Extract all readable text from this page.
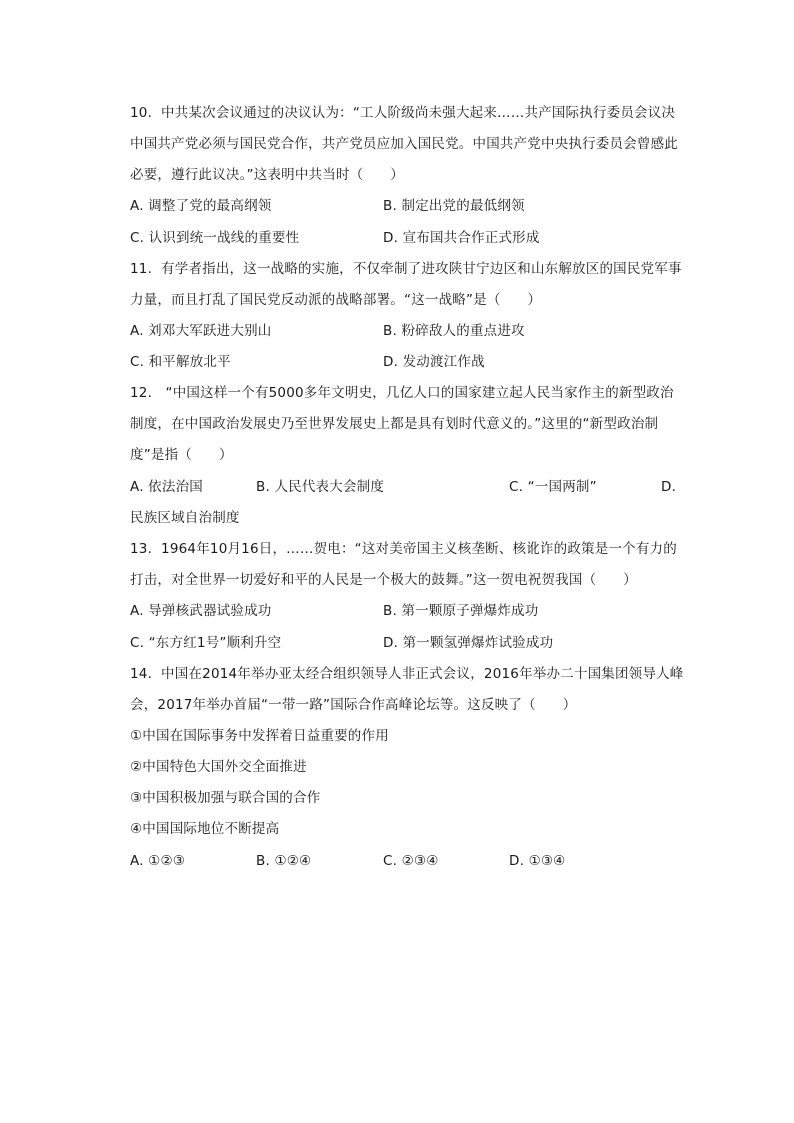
10.  中共某次会议通过的决议认为：“工人阶级尚未强大起来……共产国际执行委员会议决
中国共产党必须与国民党合作，共产党员应加入国民党。中国共产党中央执行委员会曾感此
必要，遵行此议决。”这表明中共当时（      ）
A. 调整了党的最高纲领	B. 制定出党的最低纲领
C. 认识到统一战线的重要性	D. 宣布国共合作正式形成
11.  有学者指出，这一战略的实施，不仅牵制了进攻陕甘宁边区和山东解放区的国民党军事
力量，而且打乱了国民党反动派的战略部署。“这一战略”是（      ）
A. 刘邓大军跃进大别山	B. 粉碎敌人的重点进攻
C. 和平解放北平	D. 发动渡江作战
12.   “中国这样一个有5000多年文明史，几亿人口的国家建立起人民当家作主的新型政治
制度，在中国政治发展史乃至世界发展史上都是具有划时代意义的。”这里的“新型政治制
度”是指（      ）
A. 依法治国	B. 人民代表大会制度	C. “一国两制”	D.
民族区域自治制度
13.  1964年10月16日，……贺电：“这对美帝国主义核垄断、核讹诈的政策是一个有力的
打击，对全世界一切爱好和平的人民是一个极大的鼓舞。”这一贺电祝贺我国（      ）
A. 导弹核武器试验成功	B. 第一颗原子弹爆炸成功
C. “东方红1号”顺利升空	D. 第一颗氢弹爆炸试验成功
14.  中国在2014年举办亚太经合组织领导人非正式会议，2016年举办二十国集团领导人峰
会，2017年举办首届“一带一路”国际合作高峰论坛等。这反映了（      ）
①中国在国际事务中发挥着日益重要的作用
②中国特色大国外交全面推进
③中国积极加强与联合国的合作
④中国国际地位不断提高
A. ①②③	B. ①②④	C. ②③④	D. ①③④
